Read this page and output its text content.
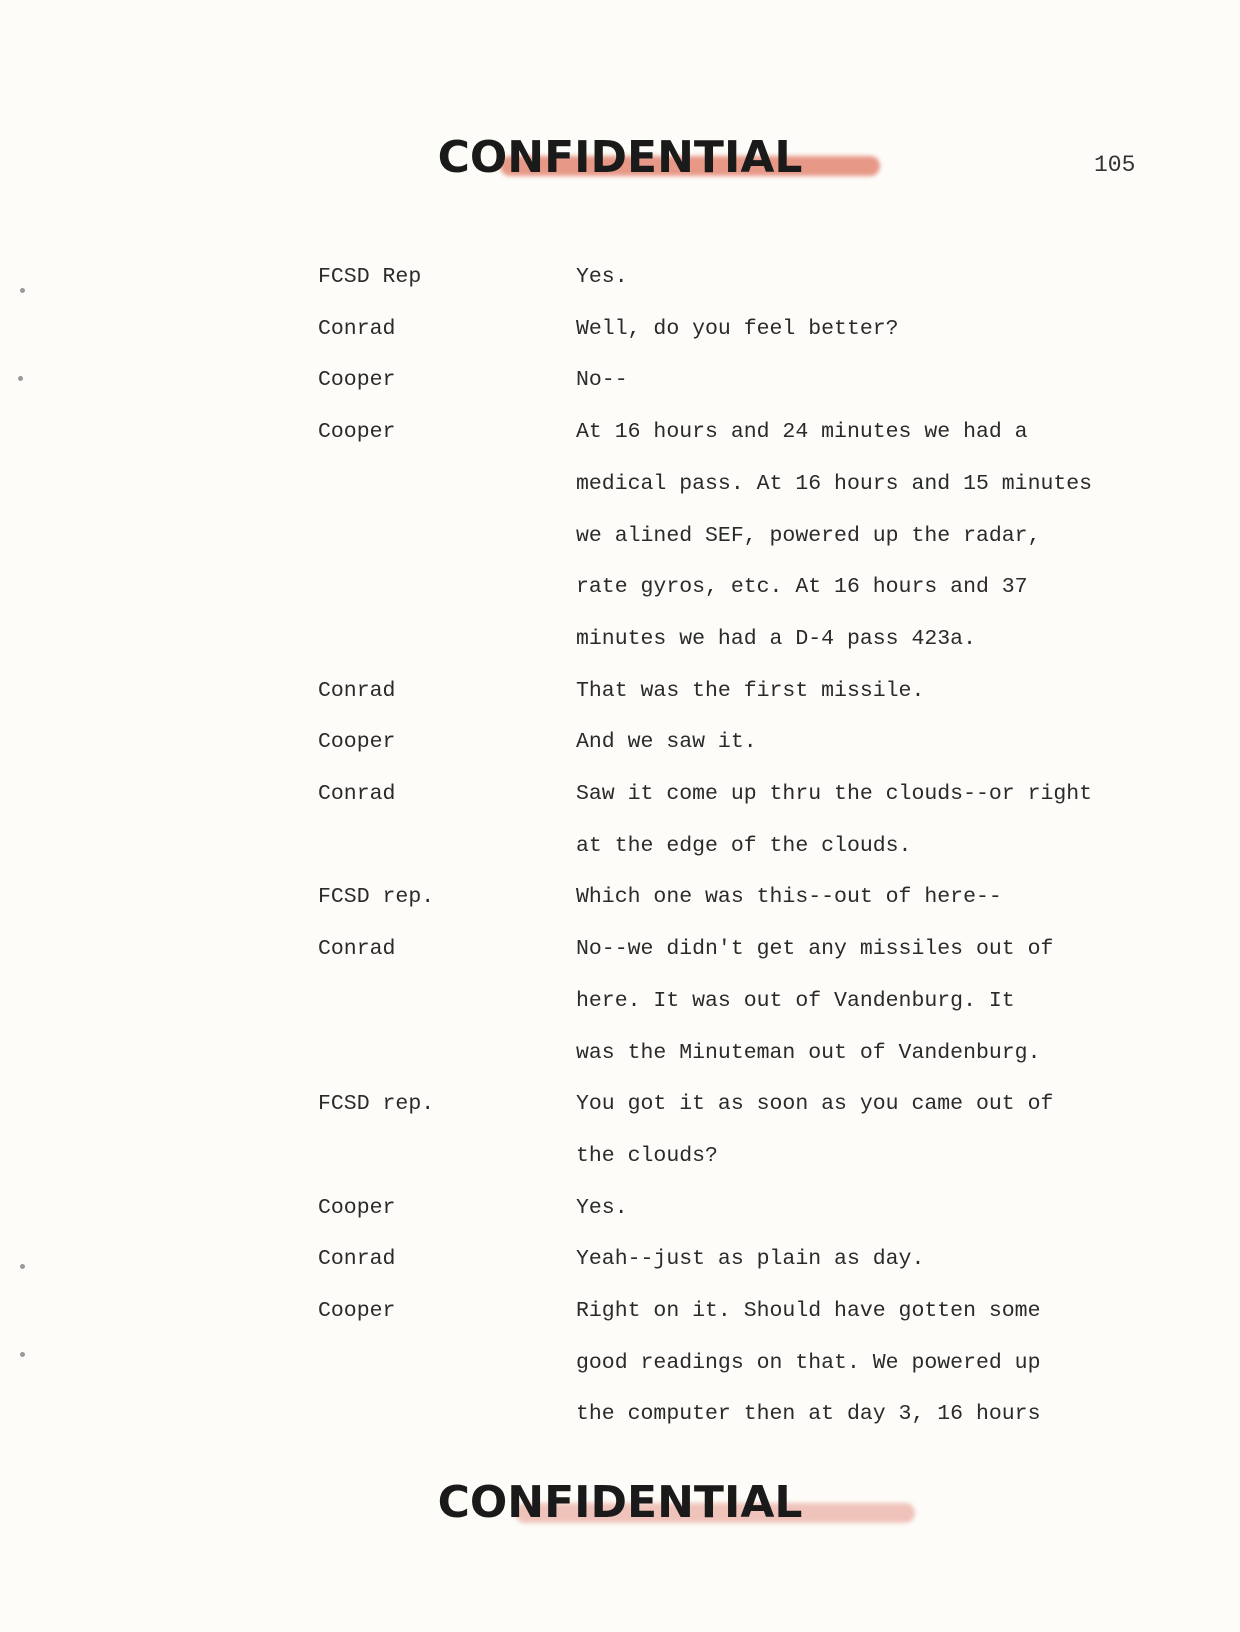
CONFIDENTIAL	105
FCSD Rep	Yes.
Conrad	Well, do you feel better?
Cooper	No--
Cooper	At 16 hours and 24 minutes we had a
medical pass. At 16 hours and 15 minutes
we alined SEF, powered up the radar,
rate gyros, etc. At 16 hours and 37
minutes we had a D-4 pass 423a.
Conrad	That was the first missile.
Cooper	And we saw it.
Conrad	Saw it come up thru the clouds--or right
at the edge of the clouds.
FCSD rep.	Which one was this--out of here--
Conrad	No--we didn't get any missiles out of
here. It was out of Vandenburg. It
was the Minuteman out of Vandenburg.
FCSD rep.	You got it as soon as you came out of
the clouds?
Cooper	Yes.
Conrad	Yeah--just as plain as day.
Cooper	Right on it. Should have gotten some
good readings on that. We powered up
the computer then at day 3, 16 hours
CONFIDENTIAL
